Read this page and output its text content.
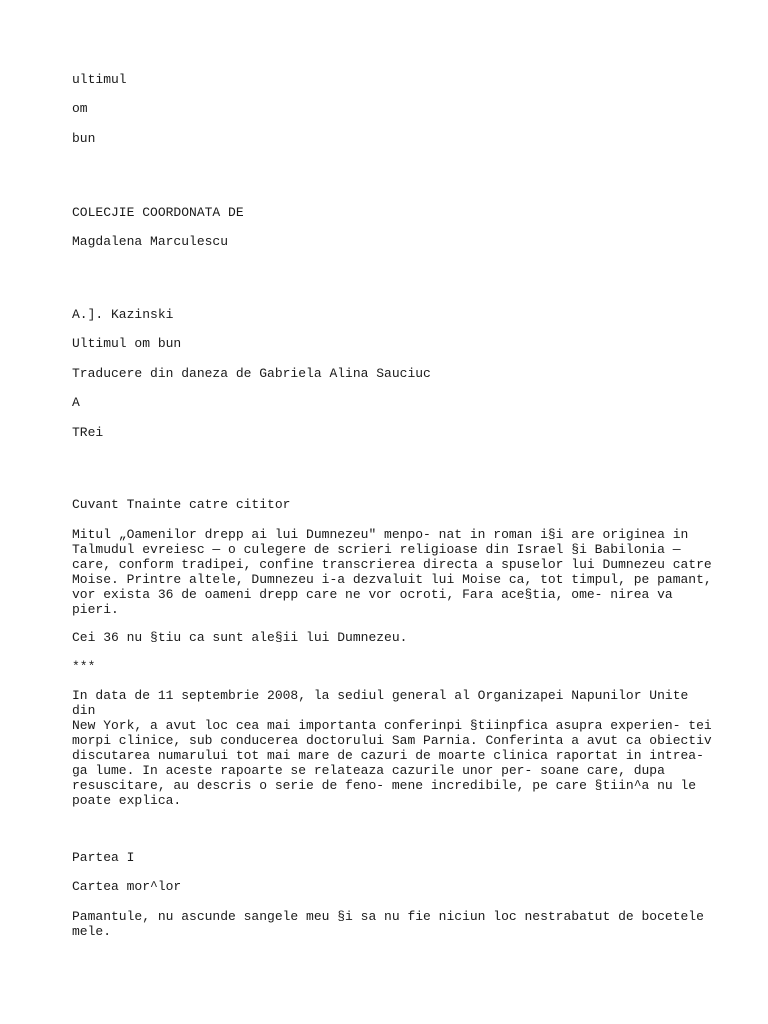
ultimul

om

bun

COLECJIE COORDONATA DE

Magdalena Marculescu

A.]. Kazinski

Ultimul om bun

Traducere din daneza de Gabriela Alina Sauciuc

A

TRei

Cuvant Tnainte catre cititor

Mitul „Oamenilor drepp ai lui Dumnezeu" menpo- nat in roman i§i are originea in
Talmudul evreiesc — o culegere de scrieri religioase din Israel §i Babilonia —
care, conform tradipei, confine transcrierea directa a spuselor lui Dumnezeu catre
Moise. Printre altele, Dumnezeu i-a dezvaluit lui Moise ca, tot timpul, pe pamant,
vor exista 36 de oameni drepp care ne vor ocroti, Fara ace§tia, ome- nirea va
pieri.

Cei 36 nu §tiu ca sunt ale§ii lui Dumnezeu.

***

In data de 11 septembrie 2008, la sediul general al Organizapei Napunilor Unite din
New York, a avut loc cea mai importanta conferinpi §tiinpfica asupra experien- tei
morpi clinice, sub conducerea doctorului Sam Parnia. Conferinta a avut ca obiectiv
discutarea numarului tot mai mare de cazuri de moarte clinica raportat in intrea-
ga lume. In aceste rapoarte se relateaza cazurile unor per- soane care, dupa
resuscitare, au descris o serie de feno- mene incredibile, pe care §tiin^a nu le
poate explica.

Partea I

Cartea mor^lor

Pamantule, nu ascunde sangele meu §i sa nu fie niciun loc nestrabatut de bocetele
mele.
